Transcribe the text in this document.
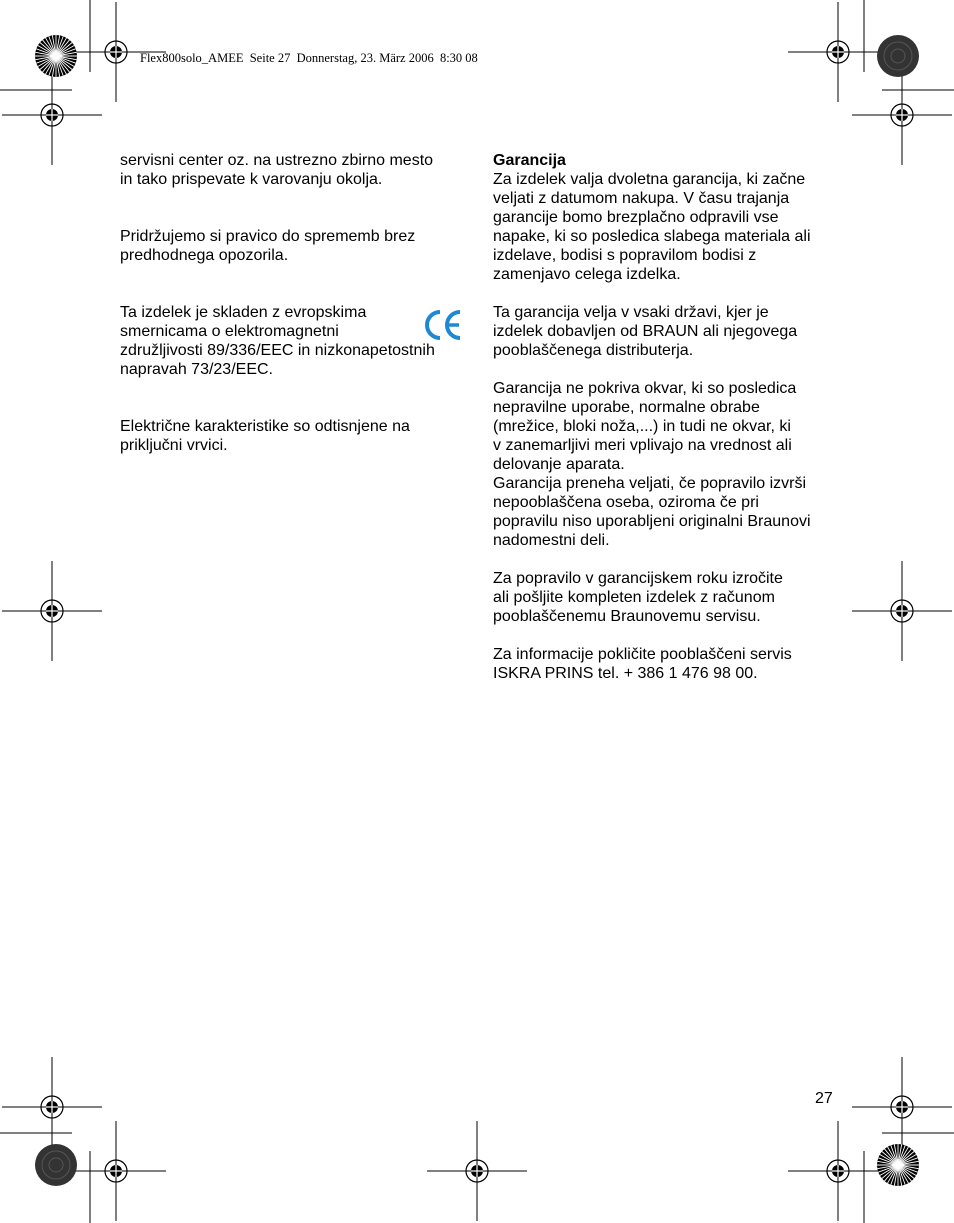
Flex800solo_AMEE  Seite 27  Donnerstag, 23. März 2006  8:30 08

servisni center oz. na ustrezno zbirno mesto
in tako prispevate k varovanju okolja.

Pridržujemo si pravico do sprememb brez
predhodnega opozorila.

Ta izdelek je skladen z evropskima
smernicama o elektromagnetni
združljivosti 89/336/EEC in nizkonapetostnih
napravah 73/23/EEC.

Električne karakteristike so odtisnjene na
priključni vrvici.

Garancija

Za izdelek valja dvoletna garancija, ki začne
veljati z datumom nakupa. V času trajanja
garancije bomo brezplačno odpravili vse
napake, ki so posledica slabega materiala ali
izdelave, bodisi s popravilom bodisi z
zamenjavo celega izdelka.

Ta garancija velja v vsaki državi, kjer je
izdelek dobavljen od BRAUN ali njegovega
pooblaščenega distributerja.

Garancija ne pokriva okvar, ki so posledica
nepravilne uporabe, normalne obrabe
(mrežice, bloki noža,...) in tudi ne okvar, ki
v zanemarljivi meri vplivajo na vrednost ali
delovanje aparata.
Garancija preneha veljati, če popravilo izvrši
nepooblaščena oseba, oziroma če pri
popravilu niso uporabljeni originalni Braunovi
nadomestni deli.

Za popravilo v garancijskem roku izročite
ali pošljite kompleten izdelek z računom
pooblaščenemu Braunovemu servisu.

Za informacije pokličite pooblaščeni servis
ISKRA PRINS tel. + 386 1 476 98 00.

27
